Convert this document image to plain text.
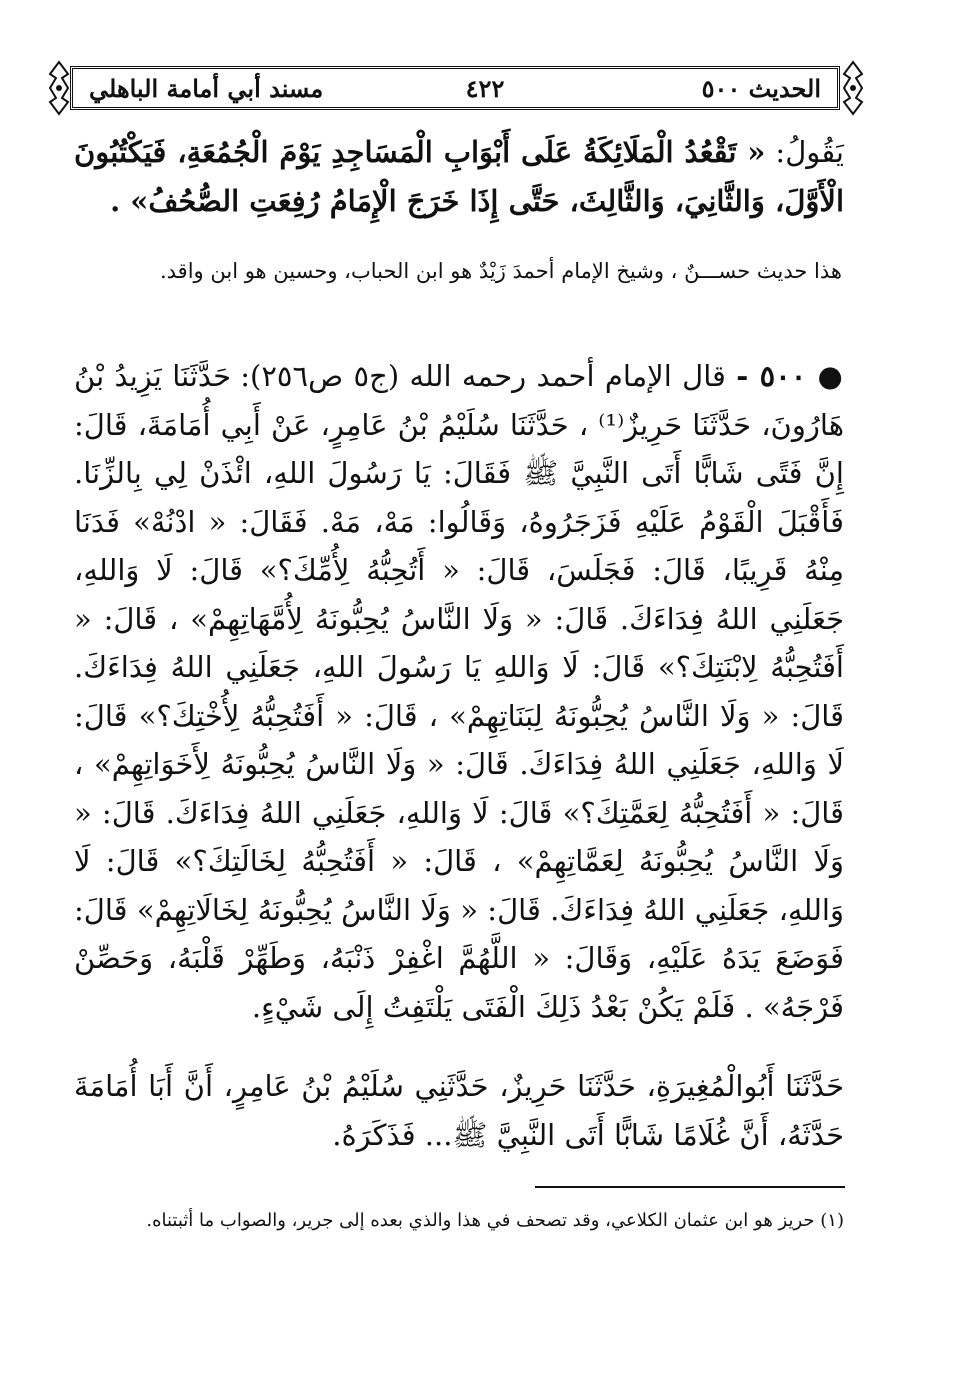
الحديث ٥٠٠
٤٢٢
مسند أبي أمامة الباهلي
يَقُولُ: « تَقْعُدُ الْمَلَائِكَةُ عَلَى أَبْوَابِ الْمَسَاجِدِ يَوْمَ الْجُمُعَةِ، فَيَكْتُبُونَ الْأَوَّلَ، وَالثَّانِيَ، وَالثَّالِثَ، حَتَّى إِذَا خَرَجَ الْإِمَامُ رُفِعَتِ الصُّحُفُ» .
هذا حديث حســـنٌ ، وشيخ الإمام أحمدَ زَيْدٌ هو ابن الحباب، وحسين هو ابن واقد.
● ٥٠٠ - قال الإمام أحمد رحمه الله (ج٥ ص٢٥٦): حَدَّثَنَا يَزِيدُ بْنُ هَارُونَ، حَدَّثَنَا حَرِيزٌ⁽¹⁾ ، حَدَّثَنَا سُلَيْمُ بْنُ عَامِرٍ، عَنْ أَبِي أُمَامَةَ، قَالَ: إِنَّ فَتًى شَابًّا أَتَى النَّبِيَّ ﷺ فَقَالَ: يَا رَسُولَ اللهِ، ائْذَنْ لِي بِالزِّنَا. فَأَقْبَلَ الْقَوْمُ عَلَيْهِ فَزَجَرُوهُ، وَقَالُوا: مَهْ، مَهْ. فَقَالَ: « ادْنُهْ» فَدَنَا مِنْهُ قَرِيبًا، قَالَ: فَجَلَسَ، قَالَ: « أَتُحِبُّهُ لِأُمِّكَ؟» قَالَ: لَا وَاللهِ، جَعَلَنِي اللهُ فِدَاءَكَ. قَالَ: « وَلَا النَّاسُ يُحِبُّونَهُ لِأُمَّهَاتِهِمْ» ، قَالَ: « أَفَتُحِبُّهُ لِابْنَتِكَ؟» قَالَ: لَا وَاللهِ يَا رَسُولَ اللهِ، جَعَلَنِي اللهُ فِدَاءَكَ. قَالَ: « وَلَا النَّاسُ يُحِبُّونَهُ لِبَنَاتِهِمْ» ، قَالَ: « أَفَتُحِبُّهُ لِأُخْتِكَ؟» قَالَ: لَا وَاللهِ، جَعَلَنِي اللهُ فِدَاءَكَ. قَالَ: « وَلَا النَّاسُ يُحِبُّونَهُ لِأَخَوَاتِهِمْ» ، قَالَ: « أَفَتُحِبُّهُ لِعَمَّتِكَ؟» قَالَ: لَا وَاللهِ، جَعَلَنِي اللهُ فِدَاءَكَ. قَالَ: « وَلَا النَّاسُ يُحِبُّونَهُ لِعَمَّاتِهِمْ» ، قَالَ: « أَفَتُحِبُّهُ لِخَالَتِكَ؟» قَالَ: لَا وَاللهِ، جَعَلَنِي اللهُ فِدَاءَكَ. قَالَ: « وَلَا النَّاسُ يُحِبُّونَهُ لِخَالَاتِهِمْ» قَالَ: فَوَضَعَ يَدَهُ عَلَيْهِ، وَقَالَ: « اللَّهُمَّ اغْفِرْ ذَنْبَهُ، وَطَهِّرْ قَلْبَهُ، وَحَصِّنْ فَرْجَهُ» . فَلَمْ يَكُنْ بَعْدُ ذَلِكَ الْفَتَى يَلْتَفِتُ إِلَى شَيْءٍ.
حَدَّثَنَا أَبُوالْمُغِيرَةِ، حَدَّثَنَا حَرِيزٌ، حَدَّثَنِي سُلَيْمُ بْنُ عَامِرٍ، أَنَّ أَبَا أُمَامَةَ حَدَّثَهُ، أَنَّ غُلَامًا شَابًّا أَتَى النَّبِيَّ ﷺ... فَذَكَرَهُ.
(١) حريز هو ابن عثمان الكلاعي، وقد تصحف في هذا والذي بعده إلى جرير، والصواب ما أثبتناه.
